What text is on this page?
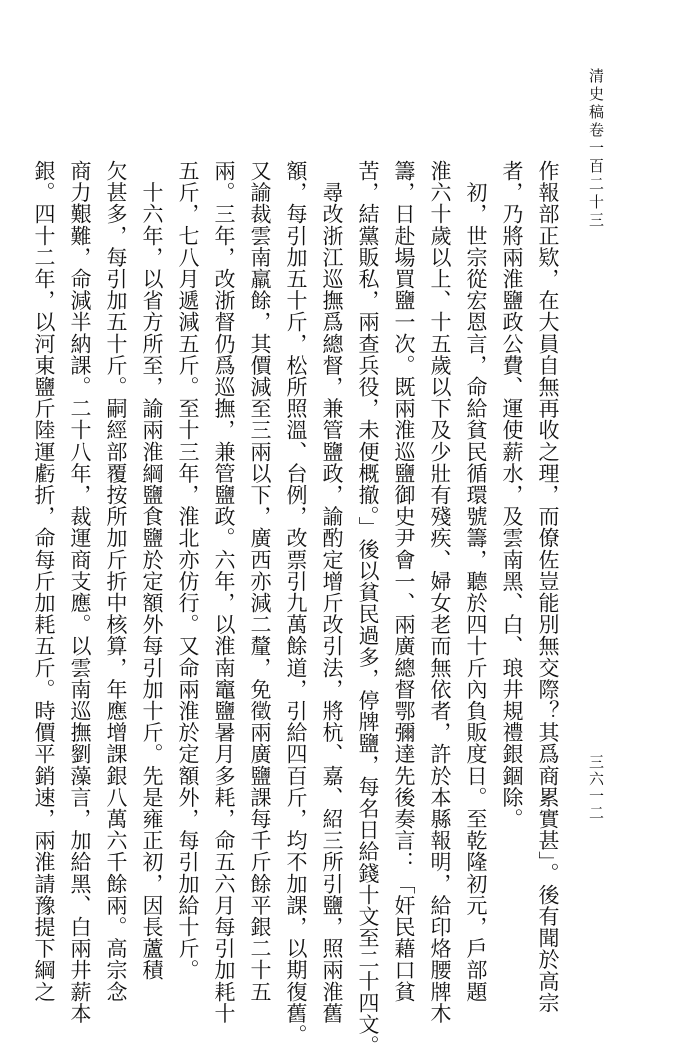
清史稿卷一百二十三
作報部正欵，在大員自無再收之理，而僚佐豈能別無交際？其爲商累實甚」。後有聞於高宗
者，乃將兩淮鹽政公費、運使薪水，及雲南黑、白、琅井規禮銀錮除。
　初，世宗從宏恩言，命給貧民循環號籌，聽於四十斤內負販度日。至乾隆初元，戶部題
淮六十歲以上、十五歲以下及少壯有殘疾、婦女老而無依者，許於本縣報明，給印烙腰牌木
籌，日赴場買鹽一次。既兩淮巡鹽御史尹會一、兩廣總督鄂彌達先後奏言：「奸民藉口貧
苦，結黨販私，兩查兵役，未便概撤。」後以貧民過多，停牌鹽，每名日給錢十文至二十四文。
　尋改浙江巡撫爲總督，兼管鹽政，諭酌定增斤改引法，將杭、嘉、紹三所引鹽，照兩淮舊
額，每引加五十斤，松所照溫、台例，改票引九萬餘道，引給四百斤，均不加課，以期復舊。
又諭裁雲南羸餘，其價減至三兩以下，廣西亦減二釐，免徵兩廣鹽課每千斤餘平銀二十五
兩。三年，改浙督仍爲巡撫，兼管鹽政。六年，以淮南竈鹽暑月多耗，命五六月每引加耗十
五斤，七八月遞減五斤。至十三年，淮北亦仿行。又命兩淮於定額外，每引加給十斤。
　十六年，以省方所至，諭兩淮綱鹽食鹽於定額外每引加十斤。先是雍正初，因長蘆積
欠甚多，每引加五十斤。嗣經部覆按所加斤折中核算，年應增課銀八萬六千餘兩。高宗念
商力艱難，命減半納課。二十八年，裁運商支應。以雲南巡撫劉藻言，加給黑、白兩井薪本
銀。四十二年，以河東鹽斤陸運虧折，命每斤加耗五斤。時價平銷速，兩淮請豫提下綱之	三六一二
